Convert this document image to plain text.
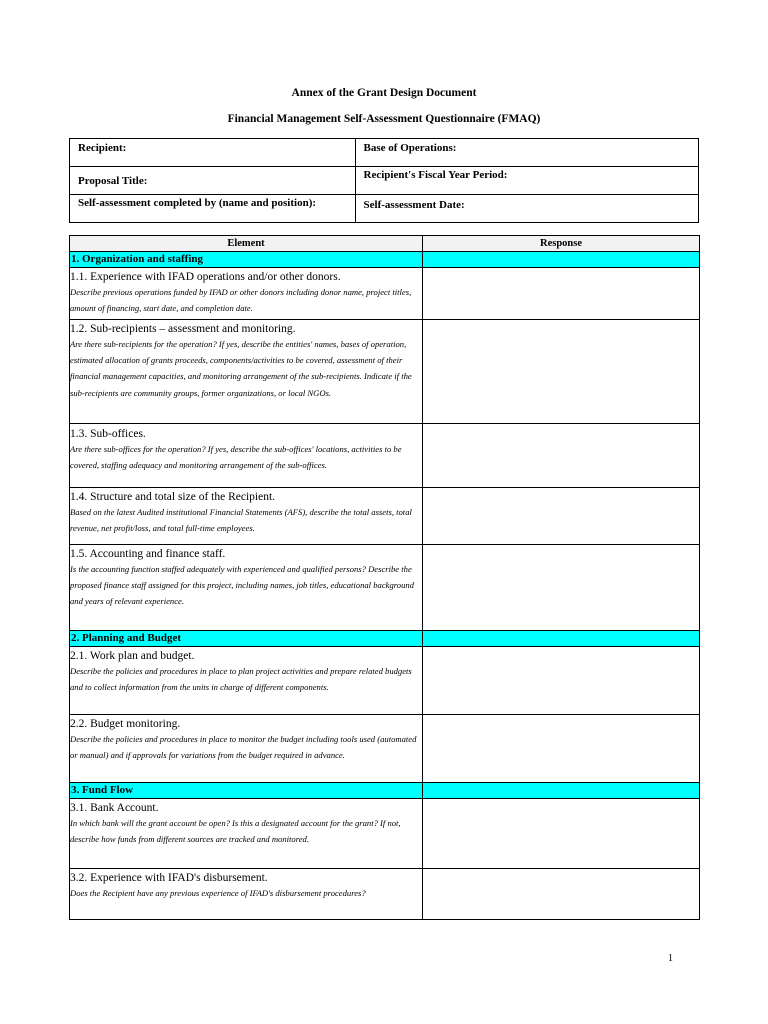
Annex of the Grant Design Document
Financial Management Self-Assessment Questionnaire (FMAQ)
Recipient:	Base of Operations:

Proposal Title:	Recipient's Fiscal Year Period:

Self-assessment completed by (name and position):	Self-assessment Date:
Element	Response
1. Organization and staffing	

1.1. Experience with IFAD operations and/or other donors.
Describe previous operations funded by IFAD or other donors including donor name, project titles, amount of financing, start date, and completion date.	

1.2. Sub-recipients – assessment and monitoring.
Are there sub-recipients for the operation? If yes, describe the entities' names, bases of operation, estimated allocation of grants proceeds, components/activities to be covered, assessment of their financial management capacities, and monitoring arrangement of the sub-recipients. Indicate if the sub-recipients are community groups, former organizations, or local NGOs.	

1.3. Sub-offices.
Are there sub-offices for the operation? If yes, describe the sub-offices' locations, activities to be covered, staffing adequacy and monitoring arrangement of the sub-offices.	

1.4. Structure and total size of the Recipient.
Based on the latest Audited institutional Financial Statements (AFS), describe the total assets, total revenue, net profit/loss, and total full-time employees.	

1.5. Accounting and finance staff.
Is the accounting function staffed adequately with experienced and qualified persons? Describe the proposed finance staff assigned for this project, including names, job titles, educational background and years of relevant experience.	

2. Planning and Budget	

2.1. Work plan and budget.
Describe the policies and procedures in place to plan project activities and prepare related budgets and to collect information from the units in charge of different components.	

2.2. Budget monitoring.
Describe the policies and procedures in place to monitor the budget including tools used (automated or manual) and if approvals for variations from the budget required in advance.	

3. Fund Flow	

3.1. Bank Account.
In which bank will the grant account be open? Is this a designated account for the grant? If not, describe how funds from different sources are tracked and monitored.	

3.2. Experience with IFAD's disbursement.
Does the Recipient have any previous experience of IFAD's disbursement procedures?	

1
